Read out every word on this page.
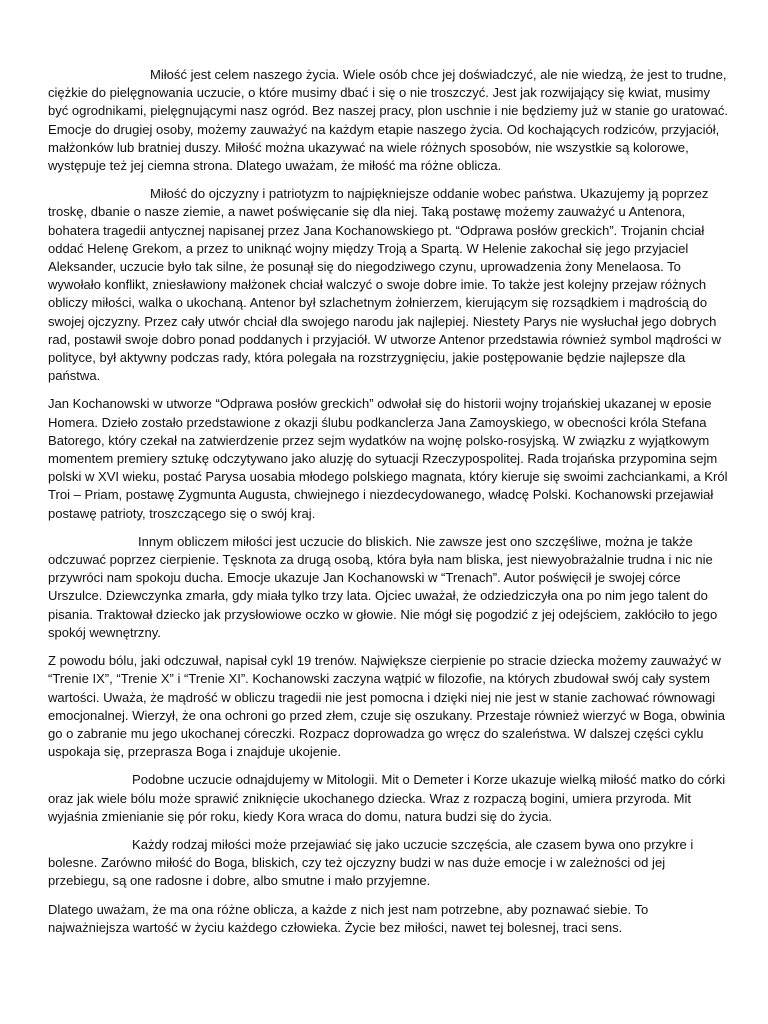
Miłość jest celem naszego życia. Wiele osób chce jej doświadczyć, ale nie wiedzą, że jest to trudne, ciężkie do pielęgnowania uczucie, o które musimy dbać i się o nie troszczyć. Jest jak rozwijający się kwiat, musimy być ogrodnikami, pielęgnującymi nasz ogród. Bez naszej pracy, plon uschnie i nie będziemy już w stanie go uratować. Emocje do drugiej osoby, możemy zauważyć na każdym etapie naszego życia. Od kochających rodziców, przyjaciół, małżonków lub bratniej duszy. Miłość można ukazywać na wiele różnych sposobów, nie wszystkie są kolorowe, występuje też jej ciemna strona. Dlatego uważam, że miłość ma różne oblicza.

Miłość do ojczyzny i patriotyzm to najpiękniejsze oddanie wobec państwa. Ukazujemy ją poprzez troskę, dbanie o nasze ziemie, a nawet poświęcanie się dla niej. Taką postawę możemy zauważyć u Antenora, bohatera tragedii antycznej napisanej przez Jana Kochanowskiego pt. “Odprawa posłów greckich”. Trojanin chciał oddać Helenę Grekom, a przez to uniknąć wojny między Troją a Spartą. W Helenie zakochał się jego przyjaciel Aleksander, uczucie było tak silne, że posunął się do niegodziwego czynu, uprowadzenia żony Menelaosa. To wywołało konflikt, zniesławiony małżonek chciał walczyć o swoje dobre imie. To także jest kolejny przejaw różnych obliczy miłości, walka o ukochaną. Antenor był szlachetnym żołnierzem, kierującym się rozsądkiem i mądrością do swojej ojczyzny. Przez cały utwór chciał dla swojego narodu jak najlepiej. Niestety Parys nie wysłuchał jego dobrych rad, postawił swoje dobro ponad poddanych i przyjaciół. W utworze Antenor przedstawia również symbol mądrości w polityce, był aktywny podczas rady, która polegała na rozstrzygnięciu, jakie postępowanie będzie najlepsze dla państwa.

Jan Kochanowski w utworze “Odprawa posłów greckich” odwołał się do historii wojny trojańskiej ukazanej w eposie Homera. Dzieło zostało przedstawione z okazji ślubu podkanclerza Jana Zamoyskiego, w obecności króla Stefana Batorego, który czekał na zatwierdzenie przez sejm wydatków na wojnę polsko-rosyjską. W związku z wyjątkowym momentem premiery sztukę odczytywano jako aluzję do sytuacji Rzeczypospolitej. Rada trojańska przypomina sejm polski w XVI wieku, postać Parysa uosabia młodego polskiego magnata, który kieruje się swoimi zachciankami, a Król Troi – Priam, postawę Zygmunta Augusta, chwiejnego i niezdecydowanego, władcę Polski. Kochanowski przejawiał postawę patrioty, troszczącego się o swój kraj.

Innym obliczem miłości jest uczucie do bliskich. Nie zawsze jest ono szczęśliwe, można je także odczuwać poprzez cierpienie. Tęsknota za drugą osobą, która była nam bliska, jest niewyobrażalnie trudna i nic nie przywróci nam spokoju ducha. Emocje ukazuje Jan Kochanowski w “Trenach”. Autor poświęcił je swojej córce Urszulce. Dziewczynka zmarła, gdy miała tylko trzy lata. Ojciec uważał, że odziedziczyła ona po nim jego talent do pisania. Traktował dziecko jak przysłowiowe oczko w głowie. Nie mógł się pogodzić z jej odejściem, zakłóciło to jego spokój wewnętrzny.

Z powodu bólu, jaki odczuwał, napisał cykl 19 trenów. Największe cierpienie po stracie dziecka możemy zauważyć w “Trenie IX”, “Trenie X” i “Trenie XI”. Kochanowski zaczyna wątpić w filozofie, na których zbudował swój cały system wartości. Uważa, że mądrość w obliczu tragedii nie jest pomocna i dzięki niej nie jest w stanie zachować równowagi emocjonalnej. Wierzył, że ona ochroni go przed złem, czuje się oszukany. Przestaje również wierzyć w Boga, obwinia go o zabranie mu jego ukochanej córeczki. Rozpacz doprowadza go wręcz do szaleństwa. W dalszej części cyklu uspokaja się, przeprasza Boga i znajduje ukojenie.

Podobne uczucie odnajdujemy w Mitologii. Mit o Demeter i Korze ukazuje wielką miłość matko do córki oraz jak wiele bólu może sprawić zniknięcie ukochanego dziecka. Wraz z rozpaczą bogini, umiera przyroda. Mit wyjaśnia zmienianie się pór roku, kiedy Kora wraca do domu, natura budzi się do życia.

Każdy rodzaj miłości może przejawiać się jako uczucie szczęścia, ale czasem bywa ono przykre i bolesne. Zarówno miłość do Boga, bliskich, czy też ojczyzny budzi w nas duże emocje i w zależności od jej przebiegu, są one radosne i dobre, albo smutne i mało przyjemne.

Dlatego uważam, że ma ona różne oblicza, a każde z nich jest nam potrzebne, aby poznawać siebie. To najważniejsza wartość w życiu każdego człowieka. Życie bez miłości, nawet tej bolesnej, traci sens.
